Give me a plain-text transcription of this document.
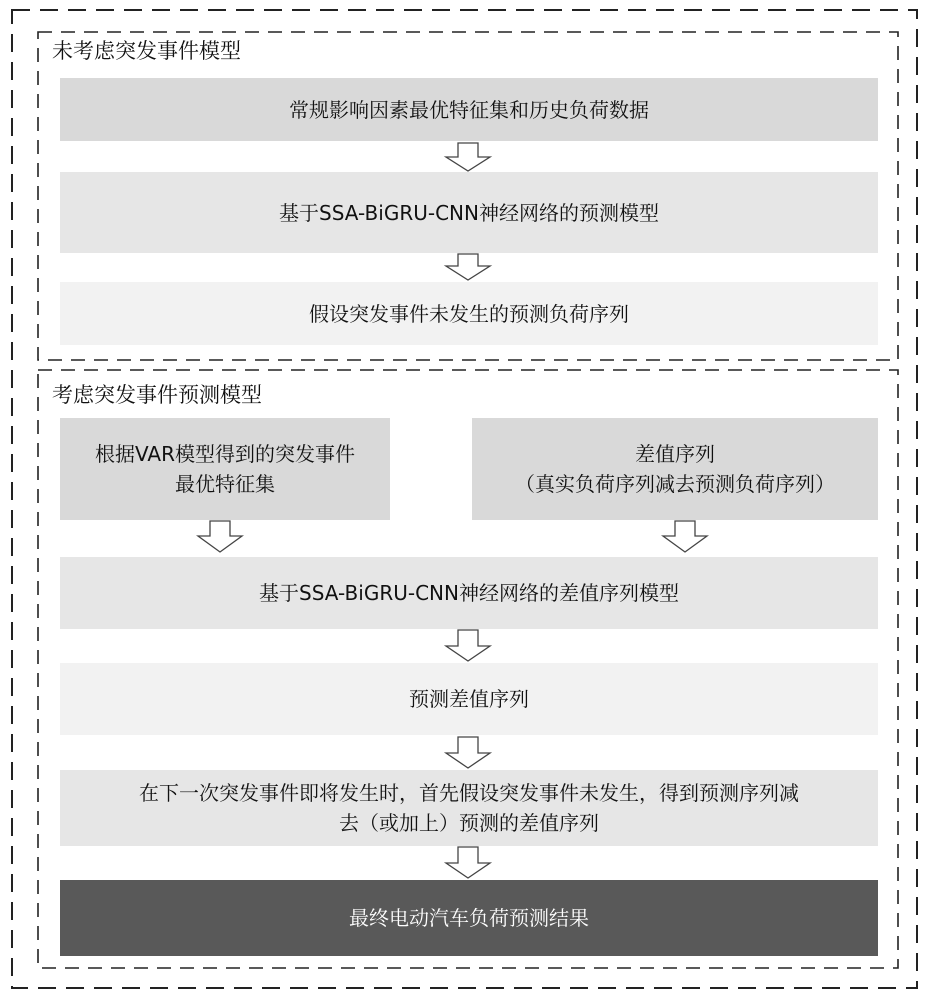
未考虑突发事件模型
常规影响因素最优特征集和历史负荷数据
基于SSA-BiGRU-CNN神经网络的预测模型
假设突发事件未发生的预测负荷序列
考虑突发事件预测模型
根据VAR模型得到的突发事件
最优特征集
差值序列
（真实负荷序列减去预测负荷序列）
基于SSA-BiGRU-CNN神经网络的差值序列模型
预测差值序列
在下一次突发事件即将发生时，首先假设突发事件未发生，得到预测序列减
去（或加上）预测的差值序列
最终电动汽车负荷预测结果
